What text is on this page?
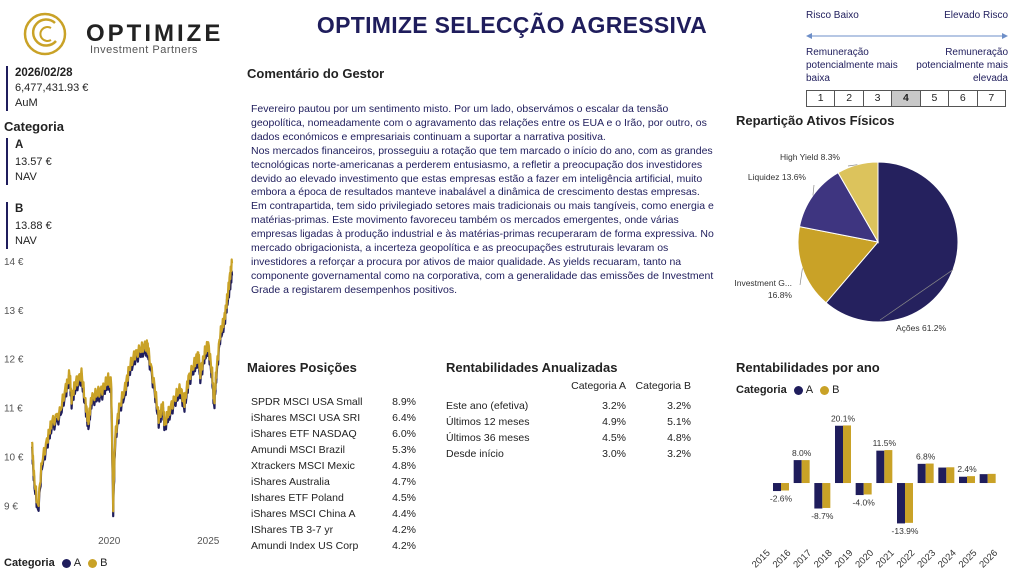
OPTIMIZE
Investment Partners
2026/02/28
6,477,431.93 €
AuM
Categoria
A
13.57 €
NAV
B
13.88 €
NAV
14 €
13 €
12 €
11 €
10 €
9 €
2020	2025
Categoria A B
OPTIMIZE SELECÇÃO AGRESSIVA	Risco Baixo	Elevado Risco
Remuneração potencialmente mais baixa
Remuneração potencialmente mais elevada
1	2	3	4	5	6	7
Comentário do Gestor

Fevereiro pautou por um sentimento misto. Por um lado, observámos o escalar da tensão geopolítica, nomeadamente com o agravamento das relações entre os EUA e o Irão, por outro, os dados económicos e empresariais continuam a suportar a narrativa positiva.

Nos mercados financeiros, prosseguiu a rotação que tem marcado o início do ano, com as grandes tecnológicas norte-americanas a perderem entusiasmo, a refletir a preocupação dos investidores devido ao elevado investimento que estas empresas estão a fazer em inteligência artificial, muito embora a época de resultados manteve inabalável a dinâmica de crescimento destas empresas.

Em contrapartida, tem sido privilegiado setores mais tradicionais ou mais tangíveis, como energia e matérias-primas. Este movimento favoreceu também os mercados emergentes, onde várias empresas ligadas à produção industrial e às matérias-primas recuperaram de forma expressiva. No mercado obrigacionista, a incerteza geopolítica e as preocupações estruturais levaram os investidores a reforçar a procura por ativos de maior qualidade. As yields recuaram, tanto na componente governamental como na corporativa, com a generalidade das emissões de Investment Grade a registarem desempenhos positivos.

Repartição Ativos Físicos
Ações 61.2%
Investment G...
16.8%
Liquidez 13.6%
High Yield 8.3%
Maiores Posições
SPDR MSCI USA Small	8.9%
iShares MSCI USA SRI	6.4%
iShares ETF NASDAQ	6.0%
Amundi MSCI Brazil	5.3%
Xtrackers MSCI Mexic	4.8%
iShares Australia	4.7%
Ishares ETF Poland	4.5%
iShares MSCI China A	4.4%
IShares TB 3-7 yr	4.2%
Amundi Index US Corp	4.2%
Rentabilidades Anualizadas
Categoria A Categoria B
Este ano (efetiva)	3.2%	3.2%
Últimos 12 meses	4.9%	5.1%
Últimos 36 meses	4.5%	4.8%
Desde início	3.0%	3.2%
Rentabilidades por ano
Categoria A B
2015
2016
2017
2018
2019
2020
2021
2022
2023
2024
2025
2026
-2.6%
8.0%
-8.7%
20.1%
-4.0%
11.5%
-13.9%
6.8%
2.4%
